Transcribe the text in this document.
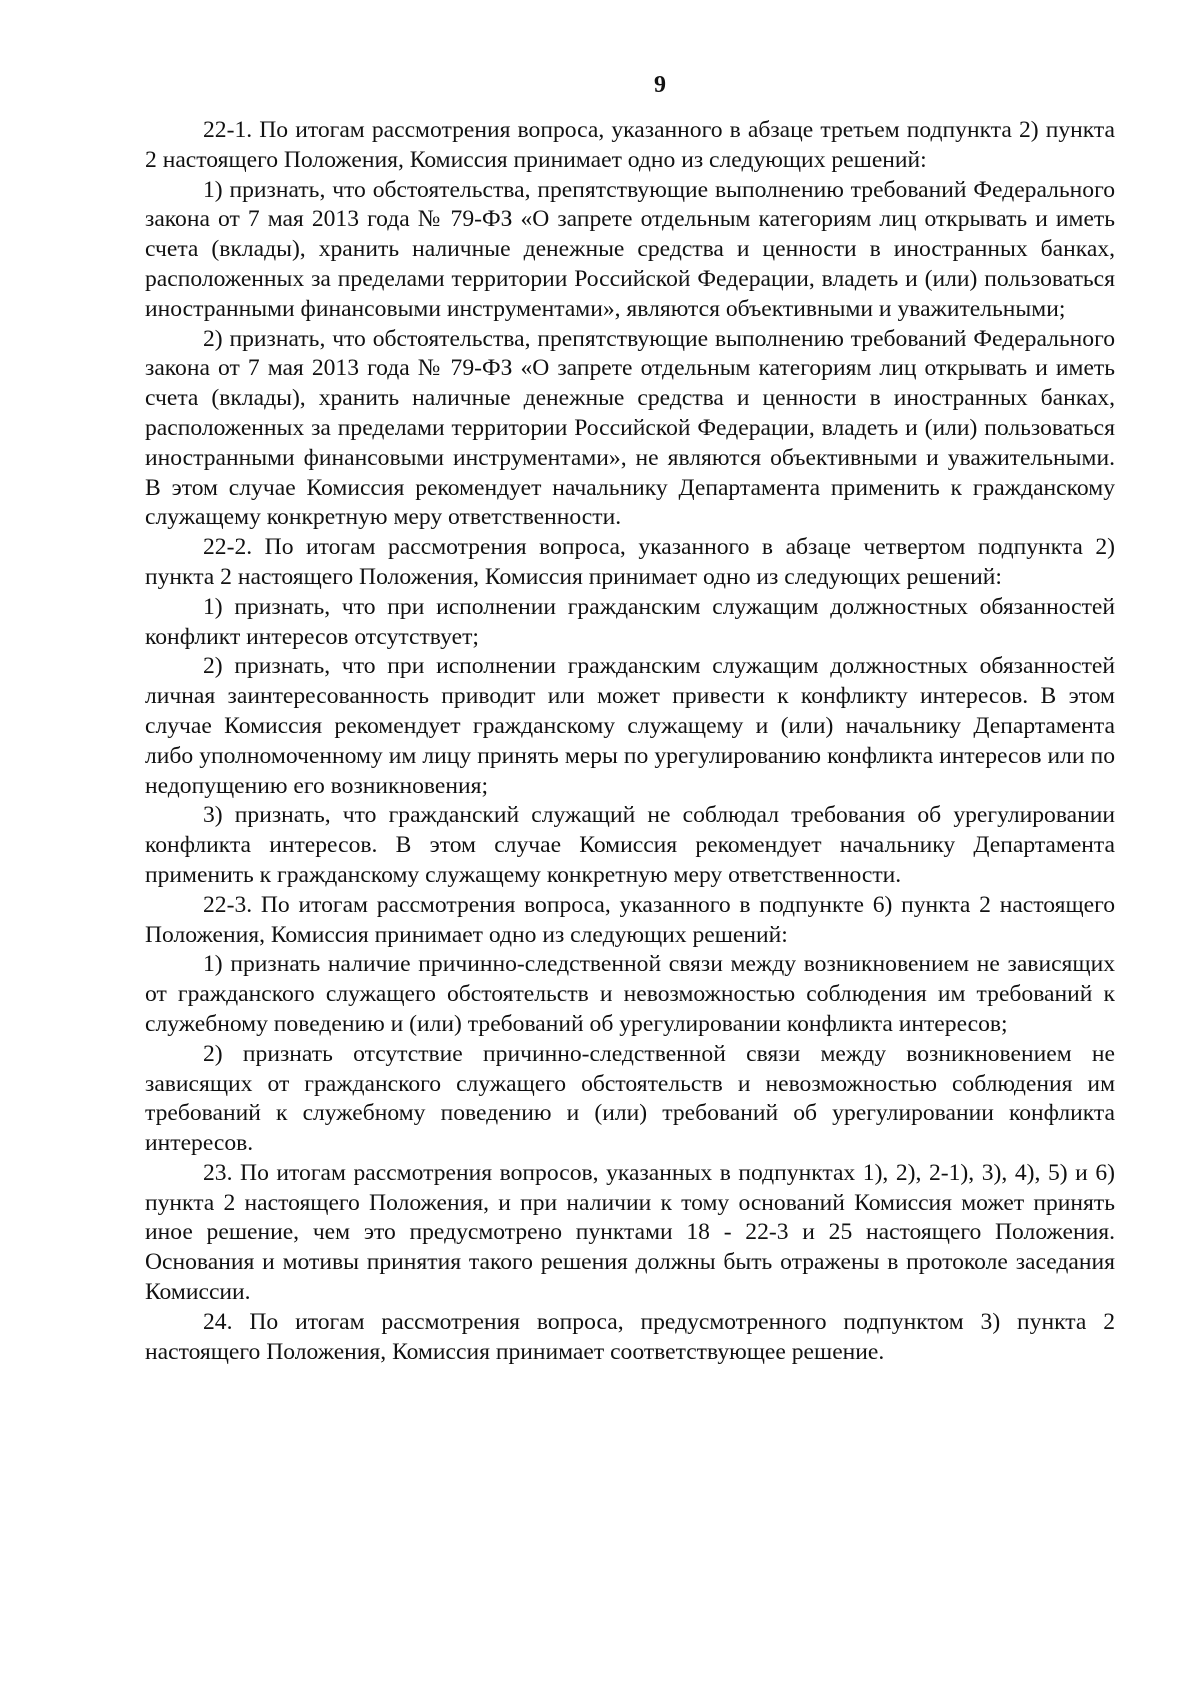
9

22-1. По итогам рассмотрения вопроса, указанного в абзаце третьем подпункта 2) пункта 2 настоящего Положения, Комиссия принимает одно из следующих решений:

1) признать, что обстоятельства, препятствующие выполнению требований Федерального закона от 7 мая 2013 года № 79-ФЗ «О запрете отдельным категориям лиц открывать и иметь счета (вклады), хранить наличные денежные средства и ценности в иностранных банках, расположенных за пределами территории Российской Федерации, владеть и (или) пользоваться иностранными финансовыми инструментами», являются объективными и уважительными;

2) признать, что обстоятельства, препятствующие выполнению требований Федерального закона от 7 мая 2013 года № 79-ФЗ «О запрете отдельным категориям лиц открывать и иметь счета (вклады), хранить наличные денежные средства и ценности в иностранных банках, расположенных за пределами территории Российской Федерации, владеть и (или) пользоваться иностранными финансовыми инструментами», не являются объективными и уважительными. В этом случае Комиссия рекомендует начальнику Департамента применить к гражданскому служащему конкретную меру ответственности.

22-2. По итогам рассмотрения вопроса, указанного в абзаце четвертом подпункта 2) пункта 2 настоящего Положения, Комиссия принимает одно из следующих решений:

1) признать, что при исполнении гражданским служащим должностных обязанностей конфликт интересов отсутствует;

2) признать, что при исполнении гражданским служащим должностных обязанностей личная заинтересованность приводит или может привести к конфликту интересов. В этом случае Комиссия рекомендует гражданскому служащему и (или) начальнику Департамента либо уполномоченному им лицу принять меры по урегулированию конфликта интересов или по недопущению его возникновения;

3) признать, что гражданский служащий не соблюдал требования об урегулировании конфликта интересов. В этом случае Комиссия рекомендует начальнику Департамента применить к гражданскому служащему конкретную меру ответственности.

22-3. По итогам рассмотрения вопроса, указанного в подпункте 6) пункта 2 настоящего Положения, Комиссия принимает одно из следующих решений:

1) признать наличие причинно-следственной связи между возникновением не зависящих от гражданского служащего обстоятельств и невозможностью соблюдения им требований к служебному поведению и (или) требований об урегулировании конфликта интересов;

2) признать отсутствие причинно-следственной связи между возникновением не зависящих от гражданского служащего обстоятельств и невозможностью соблюдения им требований к служебному поведению и (или) требований об урегулировании конфликта интересов.

23. По итогам рассмотрения вопросов, указанных в подпунктах 1), 2), 2-1), 3), 4), 5) и 6) пункта 2 настоящего Положения, и при наличии к тому оснований Комиссия может принять иное решение, чем это предусмотрено пунктами 18 - 22-3 и 25 настоящего Положения. Основания и мотивы принятия такого решения должны быть отражены в протоколе заседания Комиссии.

24. По итогам рассмотрения вопроса, предусмотренного подпунктом 3) пункта 2 настоящего Положения, Комиссия принимает соответствующее решение.
